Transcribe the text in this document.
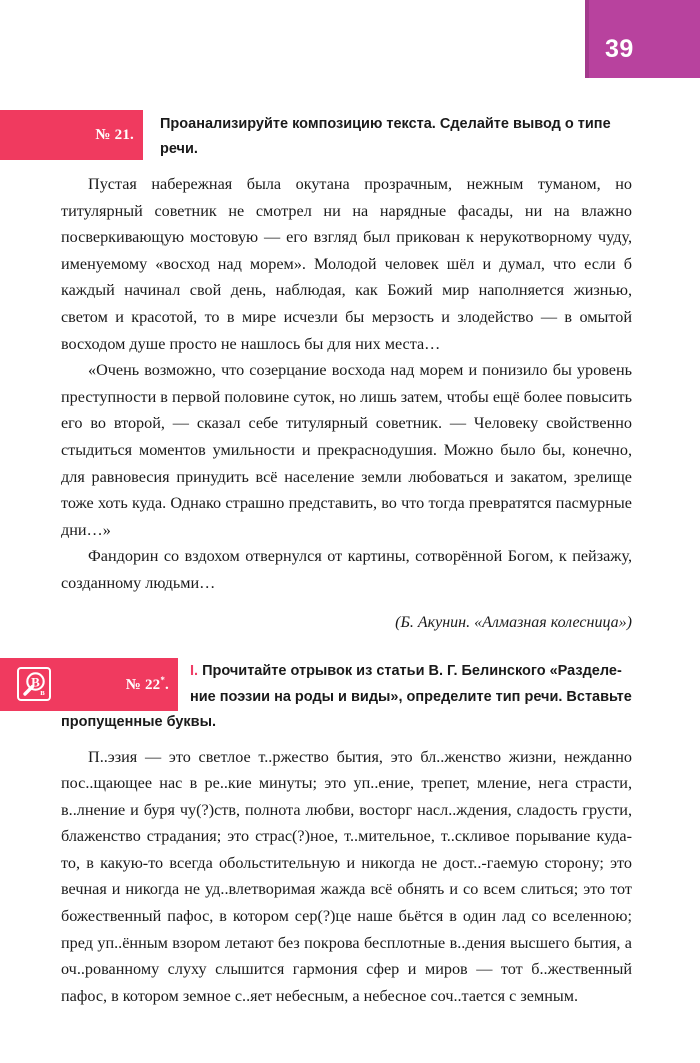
39
№ 21.
Проанализируйте композицию текста. Сделайте вывод о типе речи.

Пустая набережная была окутана прозрачным, нежным туманом, но титулярный советник не смотрел ни на нарядные фасады, ни на влажно посверкивающую мостовую — его взгляд был прикован к нерукотворному чуду, именуемому «восход над морем». Молодой человек шёл и думал, что если б каждый начинал свой день, наблюдая, как Божий мир наполняется жизнью, светом и красотой, то в мире исчезли бы мерзость и злодейство — в омытой восходом душе просто не нашлось бы для них места…

«Очень возможно, что созерцание восхода над морем и понизило бы уровень преступности в первой половине суток, но лишь затем, чтобы ещё более повысить его во второй, — сказал себе титулярный советник. — Человеку свойственно стыдиться моментов умильности и прекраснодушия. Можно было бы, конечно, для равновесия принудить всё население земли любоваться и закатом, зрелище тоже хоть куда. Однако страшно представить, во что тогда превратятся пасмурные дни…»

Фандорин со вздохом отвернулся от картины, сотворённой Богом, к пейзажу, созданному людьми…

(Б. Акунин. «Алмазная колесница»)
В
в	№ 22*.
I. Прочитайте отрывок из статьи В. Г. Белинского «Разделе-
ние поэзии на роды и виды», определите тип речи. Вставьте
пропущенные буквы.

П..эзия — это светлое т..ржество бытия, это бл..женство жизни, нежданно пос..щающее нас в ре..кие минуты; это уп..ение, трепет, мление, нега страсти, в..лнение и буря чу(?)ств, полнота любви, восторг насл..ждения, сладость грусти, блаженство страдания; это страс(?)ное, т..мительное, т..скливое порывание куда-то, в какую-то всегда обольстительную и никогда не дост..-гаемую сторону; это вечная и никогда не уд..влетворимая жажда всё обнять и со всем слиться; это тот божественный пафос, в котором сер(?)це наше бьётся в один лад со вселенною; пред уп..ённым взором летают без покрова бесплотные в..дения высшего бытия, а оч..рованному слуху слышится гармония сфер и миров — тот б..жественный пафос, в котором земное с..яет небесным, а небесное соч..тается с земным.
